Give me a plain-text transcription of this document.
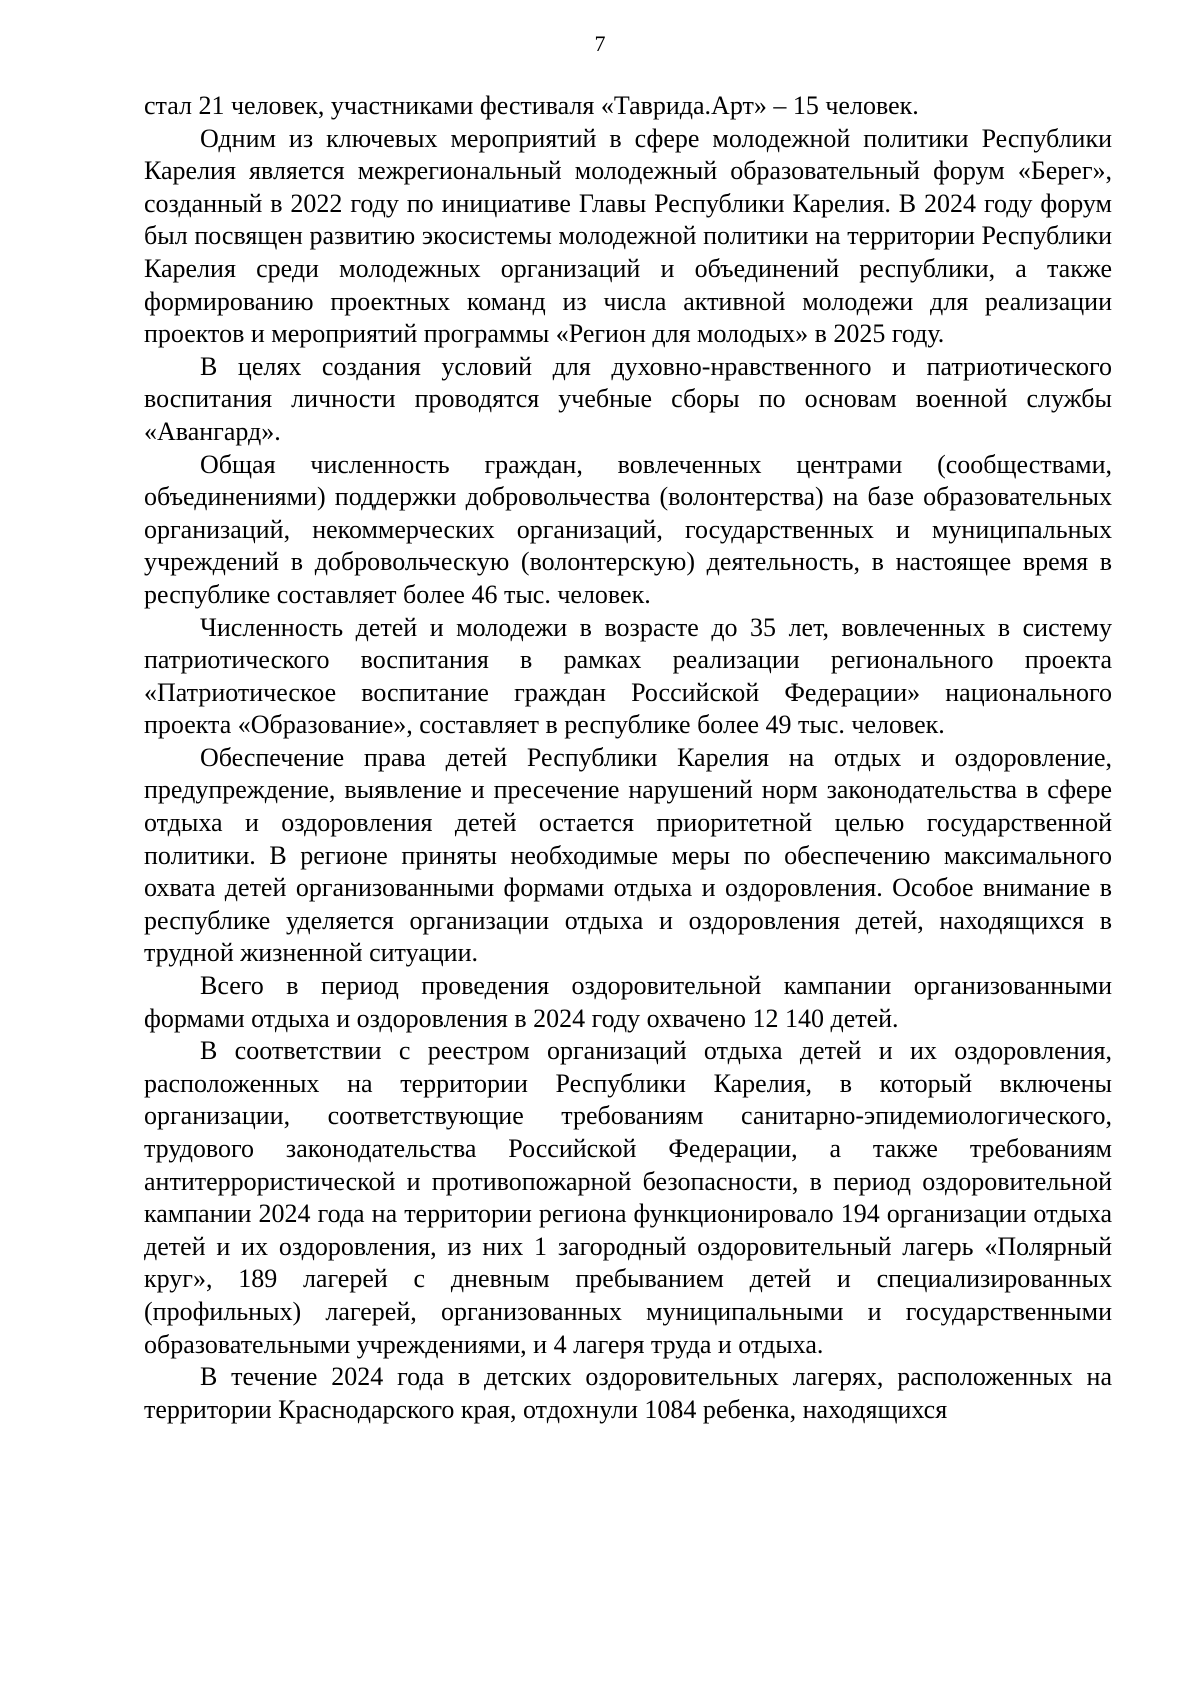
7

стал 21 человек, участниками фестиваля «Таврида.Арт» – 15 человек.

Одним из ключевых мероприятий в сфере молодежной политики Республики Карелия является межрегиональный молодежный образовательный форум «Берег», созданный в 2022 году по инициативе Главы Республики Карелия. В 2024 году форум был посвящен развитию экосистемы молодежной политики на территории Республики Карелия среди молодежных организаций и объединений республики, а также формированию проектных команд из числа активной молодежи для реализации проектов и мероприятий программы «Регион для молодых» в 2025 году.

В целях создания условий для духовно-нравственного и патриотического воспитания личности проводятся учебные сборы по основам военной службы «Авангард».

Общая численность граждан, вовлеченных центрами (сообществами, объединениями) поддержки добровольчества (волонтерства) на базе образовательных организаций, некоммерческих организаций, государственных и муниципальных учреждений в добровольческую (волонтерскую) деятельность, в настоящее время в республике составляет более 46 тыс. человек.

Численность детей и молодежи в возрасте до 35 лет, вовлеченных в систему патриотического воспитания в рамках реализации регионального проекта «Патриотическое воспитание граждан Российской Федерации» национального проекта «Образование», составляет в республике более 49 тыс. человек.

Обеспечение права детей Республики Карелия на отдых и оздоровление, предупреждение, выявление и пресечение нарушений норм законодательства в сфере отдыха и оздоровления детей остается приоритетной целью государственной политики. В регионе приняты необходимые меры по обеспечению максимального охвата детей организованными формами отдыха и оздоровления. Особое внимание в республике уделяется организации отдыха и оздоровления детей, находящихся в трудной жизненной ситуации.

Всего в период проведения оздоровительной кампании организованными формами отдыха и оздоровления в 2024 году охвачено 12 140 детей.

В соответствии с реестром организаций отдыха детей и их оздоровления, расположенных на территории Республики Карелия, в который включены организации, соответствующие требованиям санитарно-эпидемиологического, трудового законодательства Российской Федерации, а также требованиям антитеррористической и противопожарной безопасности, в период оздоровительной кампании 2024 года на территории региона функционировало 194 организации отдыха детей и их оздоровления, из них 1 загородный оздоровительный лагерь «Полярный круг», 189 лагерей с дневным пребыванием детей и специализированных (профильных) лагерей, организованных муниципальными и государственными образовательными учреждениями, и 4 лагеря труда и отдыха.

В течение 2024 года в детских оздоровительных лагерях, расположенных на территории Краснодарского края, отдохнули 1084 ребенка, находящихся
